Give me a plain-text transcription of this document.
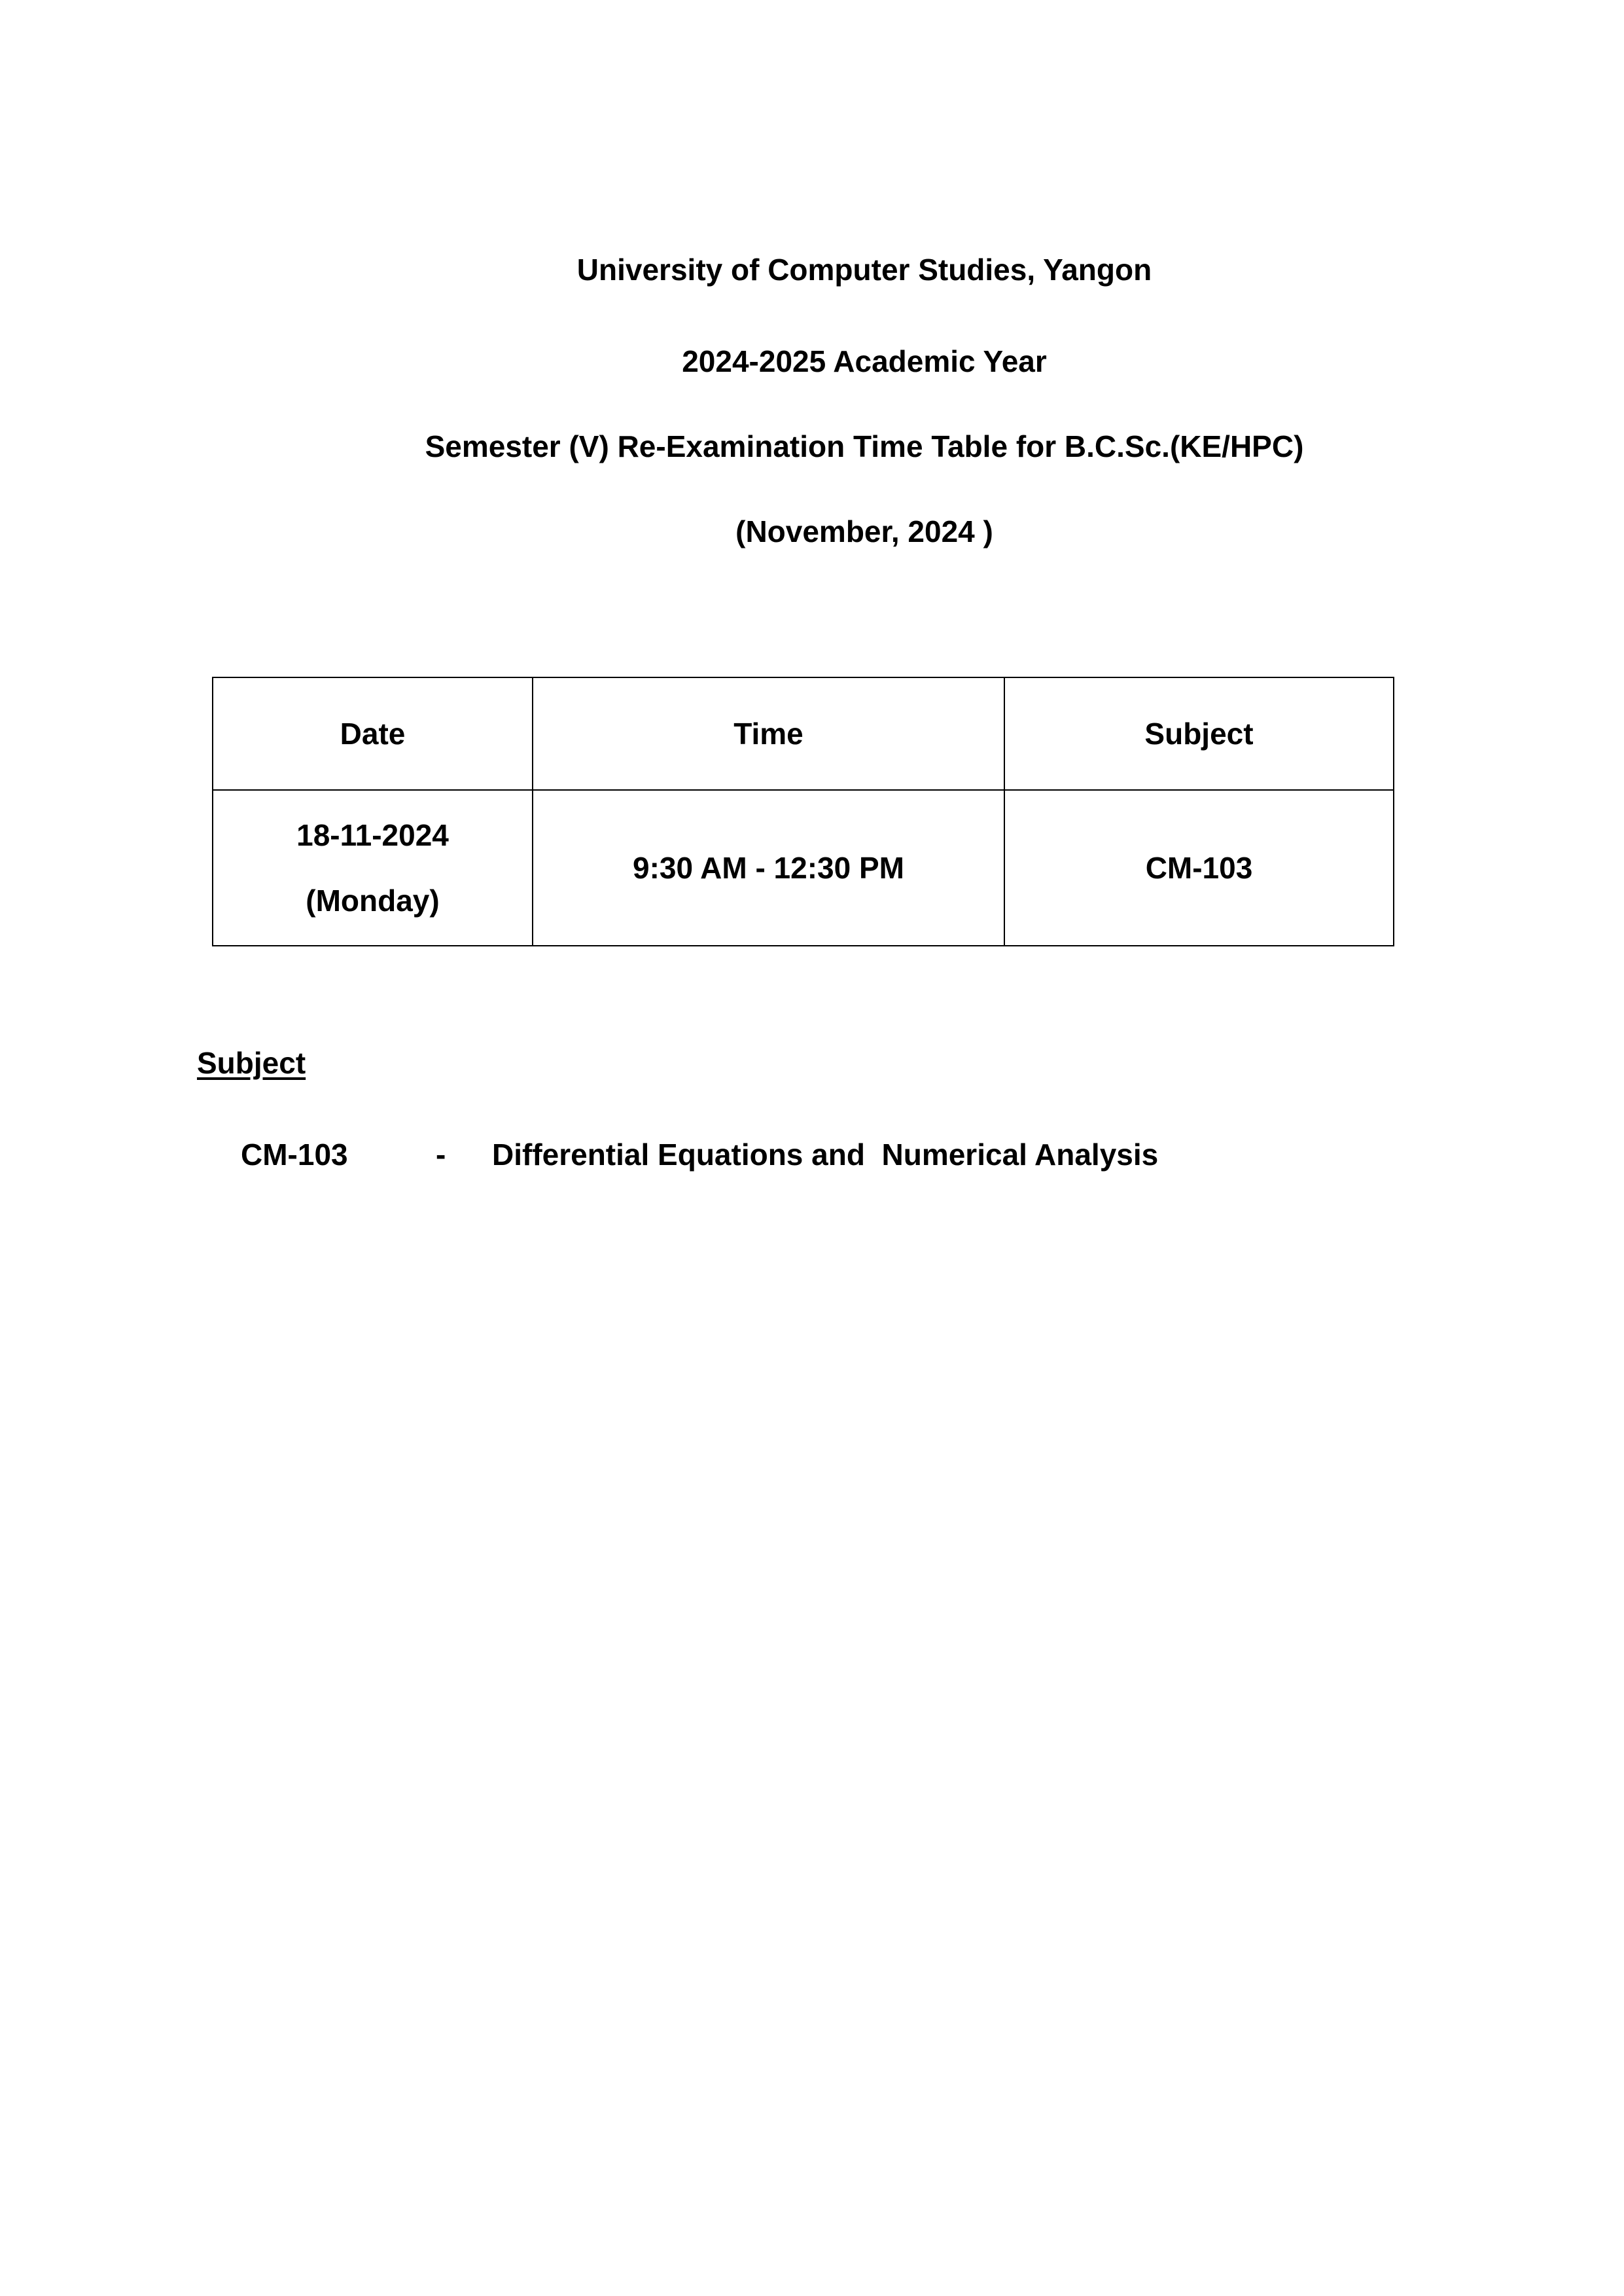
University of Computer Studies, Yangon
2024-2025 Academic Year
Semester (V) Re-Examination Time Table for B.C.Sc.(KE/HPC)
(November, 2024 )
Date	Time	Subject

18-11-2024
(Monday)	9:30 AM - 12:30 PM	CM-103
Subject
CM-103	- Differential Equations and  Numerical Analysis
